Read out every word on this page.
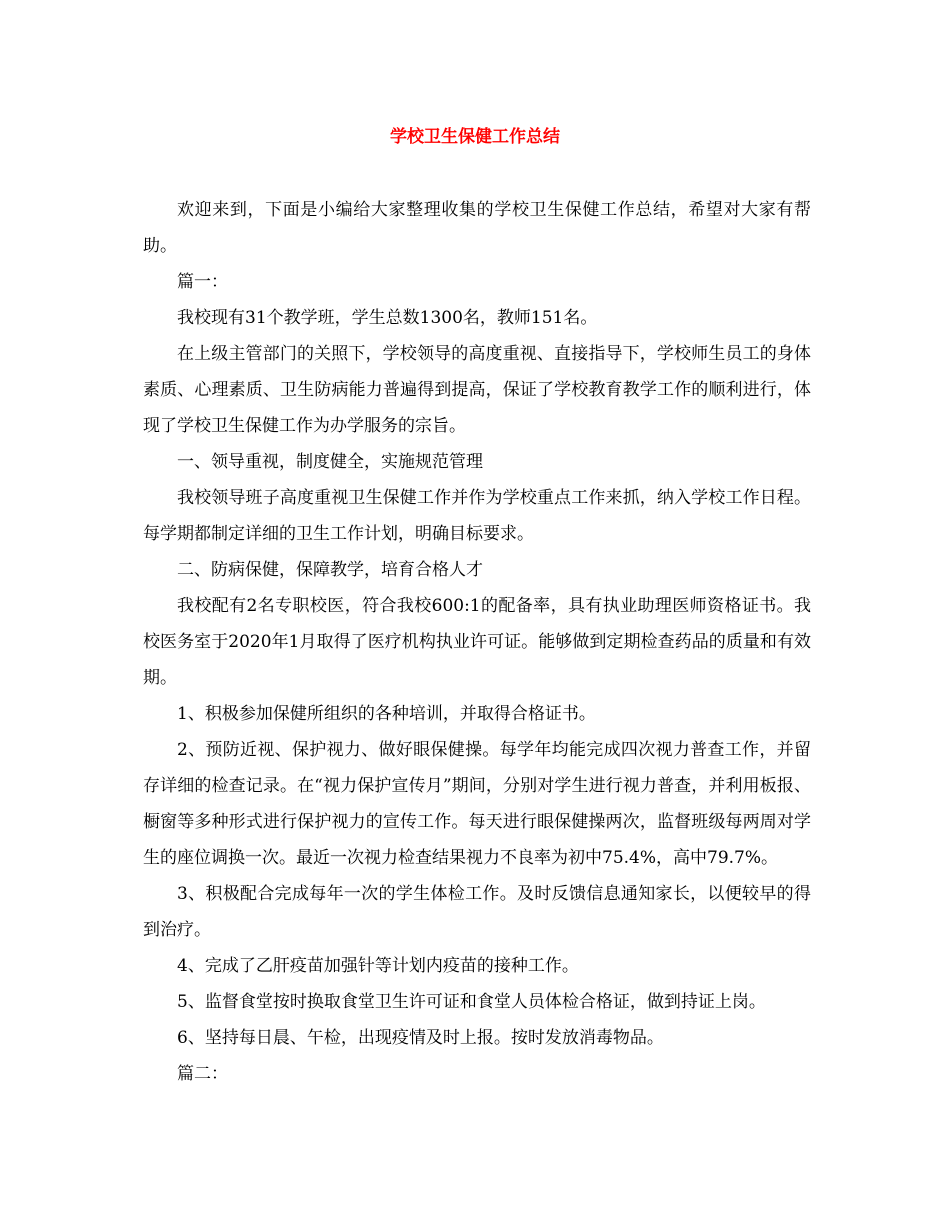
学校卫生保健工作总结

欢迎来到，下面是小编给大家整理收集的学校卫生保健工作总结，希望对大家有帮助。

篇一：

我校现有31个教学班，学生总数1300名，教师151名。

在上级主管部门的关照下，学校领导的高度重视、直接指导下，学校师生员工的身体素质、心理素质、卫生防病能力普遍得到提高，保证了学校教育教学工作的顺利进行，体现了学校卫生保健工作为办学服务的宗旨。

一、领导重视，制度健全，实施规范管理

我校领导班子高度重视卫生保健工作并作为学校重点工作来抓，纳入学校工作日程。每学期都制定详细的卫生工作计划，明确目标要求。

二、防病保健，保障教学，培育合格人才

我校配有2名专职校医，符合我校600:1的配备率，具有执业助理医师资格证书。我校医务室于2020年1月取得了医疗机构执业许可证。能够做到定期检查药品的质量和有效期。

1、积极参加保健所组织的各种培训，并取得合格证书。

2、预防近视、保护视力、做好眼保健操。每学年均能完成四次视力普查工作，并留存详细的检查记录。在“视力保护宣传月”期间，分别对学生进行视力普查，并利用板报、橱窗等多种形式进行保护视力的宣传工作。每天进行眼保健操两次，监督班级每两周对学生的座位调换一次。最近一次视力检查结果视力不良率为初中75.4%，高中79.7%。

3、积极配合完成每年一次的学生体检工作。及时反馈信息通知家长，以便较早的得到治疗。

4、完成了乙肝疫苗加强针等计划内疫苗的接种工作。

5、监督食堂按时换取食堂卫生许可证和食堂人员体检合格证，做到持证上岗。

6、坚持每日晨、午检，出现疫情及时上报。按时发放消毒物品。

篇二：
